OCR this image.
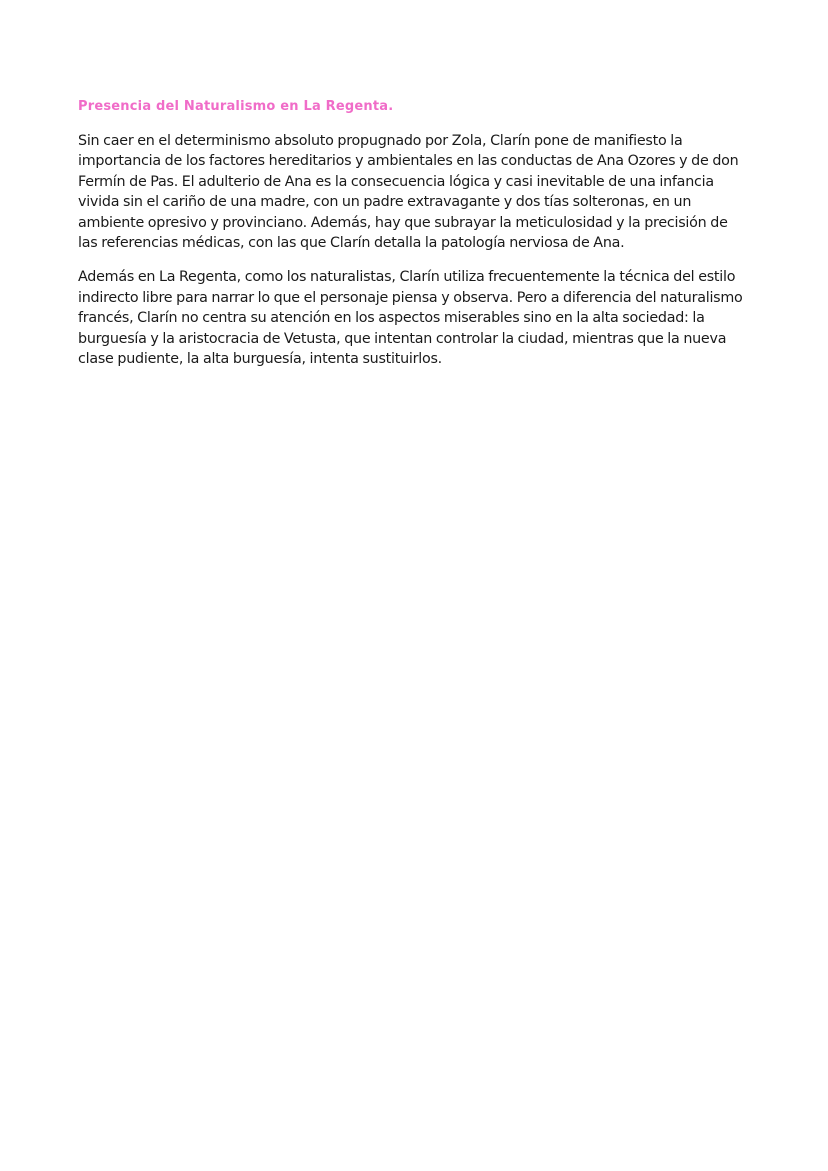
Presencia del Naturalismo en La Regenta.

Sin caer en el determinismo absoluto propugnado por Zola, Clarín pone de manifiesto la importancia de los factores hereditarios y ambientales en las conductas de Ana Ozores y de don Fermín de Pas. El adulterio de Ana es la consecuencia lógica y casi inevitable de una infancia vivida sin el cariño de una madre, con un padre extravagante y dos tías solteronas, en un ambiente opresivo y provinciano. Además, hay que subrayar la meticulosidad y la precisión de las referencias médicas, con las que Clarín detalla la patología nerviosa de Ana.

Además en La Regenta, como los naturalistas, Clarín utiliza frecuentemente la técnica del estilo indirecto libre para narrar lo que el personaje piensa y observa. Pero a diferencia del naturalismo francés, Clarín no centra su atención en los aspectos miserables sino en la alta sociedad: la burguesía y la aristocracia de Vetusta, que intentan controlar la ciudad, mientras que la nueva clase pudiente, la alta burguesía, intenta sustituirlos.
